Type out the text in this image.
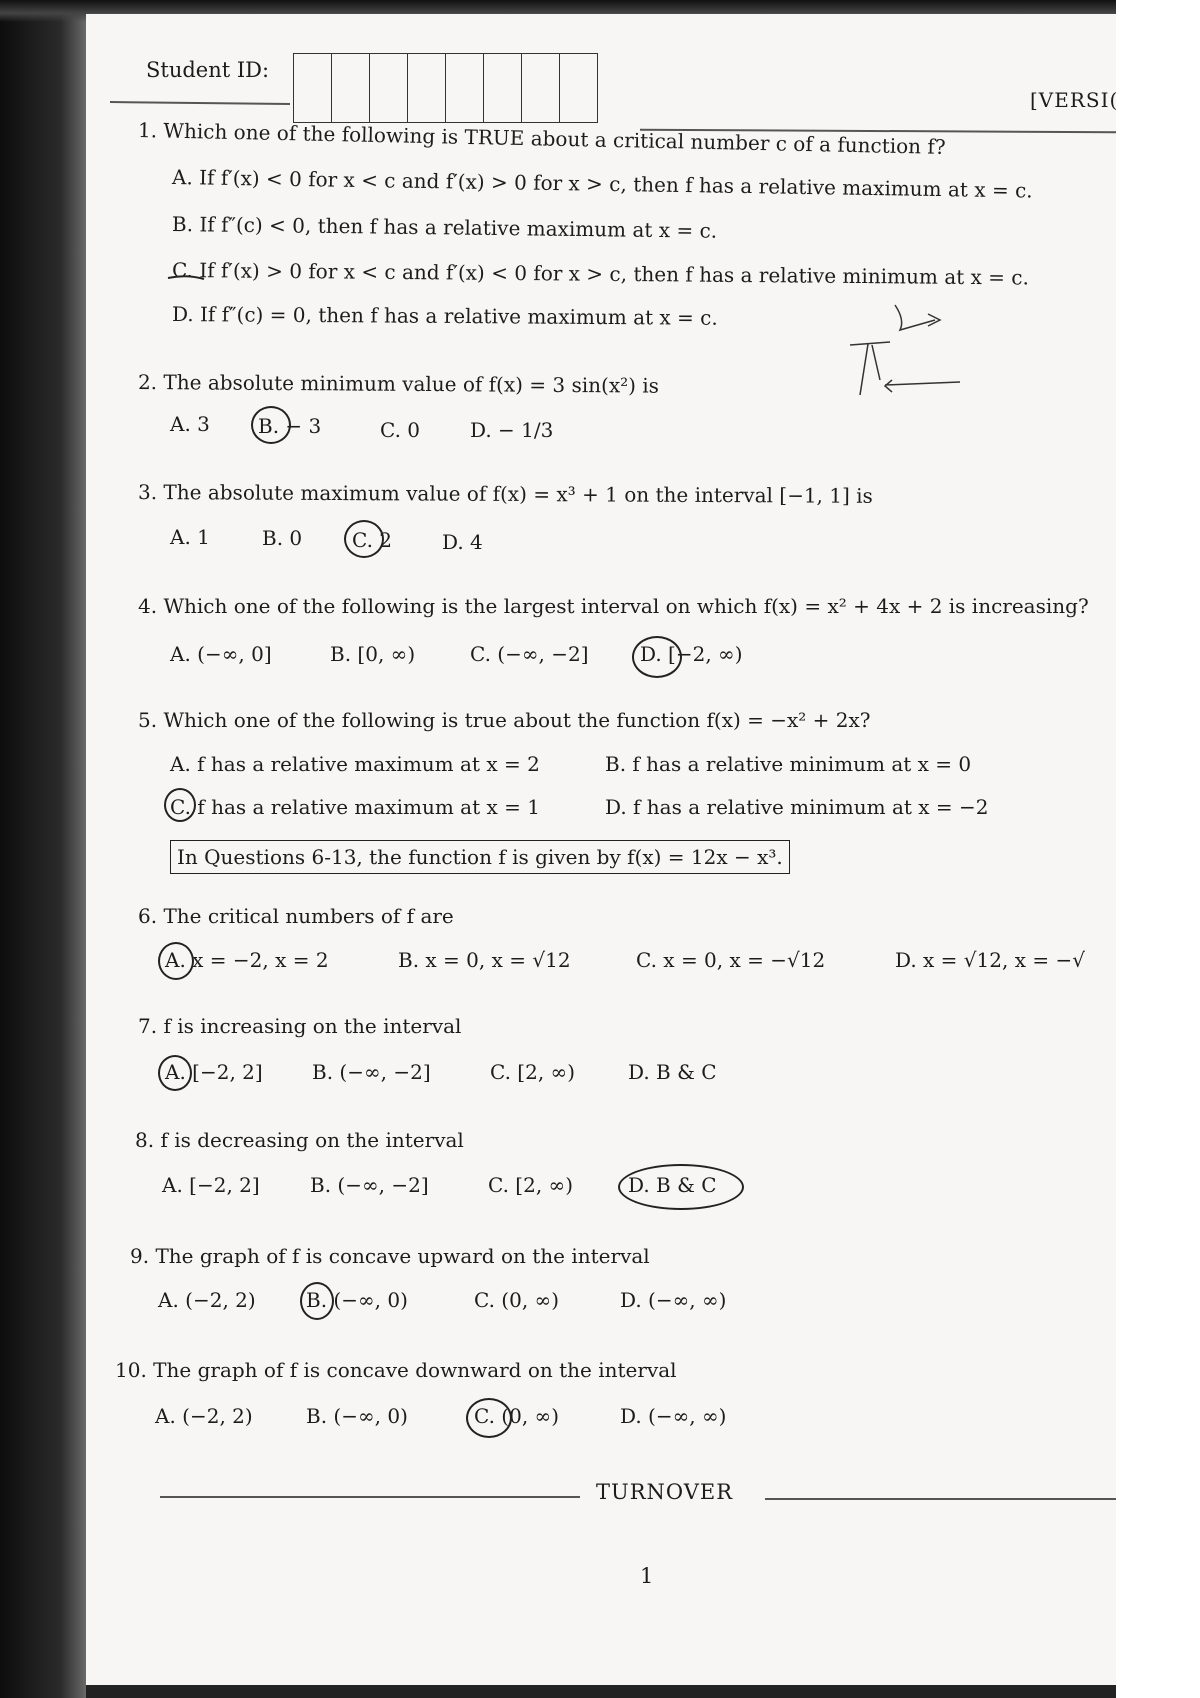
Student ID:
[VERSI(
1. Which one of the following is TRUE about a critical number c of a function f?
A. If f′(x) < 0 for x < c and f′(x) > 0 for x > c, then f has a relative maximum at x = c.
B. If f″(c) < 0, then f has a relative maximum at x = c.
C. If f′(x) > 0 for x < c and f′(x) < 0 for x > c, then f has a relative minimum at x = c.
D. If f″(c) = 0, then f has a relative maximum at x = c.
2. The absolute minimum value of f(x) = 3 sin(x²) is
A. 3 B. − 3	C. 0 D. − 1/3
3. The absolute maximum value of f(x) = x³ + 1 on the interval [−1, 1] is
A. 1	B. 0 C. 2 D. 4
4. Which one of the following is the largest interval on which f(x) = x² + 4x + 2 is increasing?
A. (−∞, 0]	B. [0, ∞)	C. (−∞, −2]	D. [−2, ∞)
5. Which one of the following is true about the function f(x) = −x² + 2x?
A. f has a relative maximum at x = 2	B. f has a relative minimum at x = 0
C. f has a relative maximum at x = 1	D. f has a relative minimum at x = −2
In Questions 6-13, the function f is given by f(x) = 12x − x³.
6. The critical numbers of f are
A. x = −2, x = 2	B. x = 0, x = √12	C. x = 0, x = −√12	D. x = √12, x = −√
7. f is increasing on the interval
A. [−2, 2] B. (−∞, −2]	C. [2, ∞)	D. B & C
8. f is decreasing on the interval
A. [−2, 2]	B. (−∞, −2]	C. [2, ∞)	D. B & C
9. The graph of f is concave upward on the interval
A. (−2, 2)	B. (−∞, 0)	C. (0, ∞)	D. (−∞, ∞)
10. The graph of f is concave downward on the interval
A. (−2, 2)	B. (−∞, 0)	C. (0, ∞)	D. (−∞, ∞)
TURNOVER
1
